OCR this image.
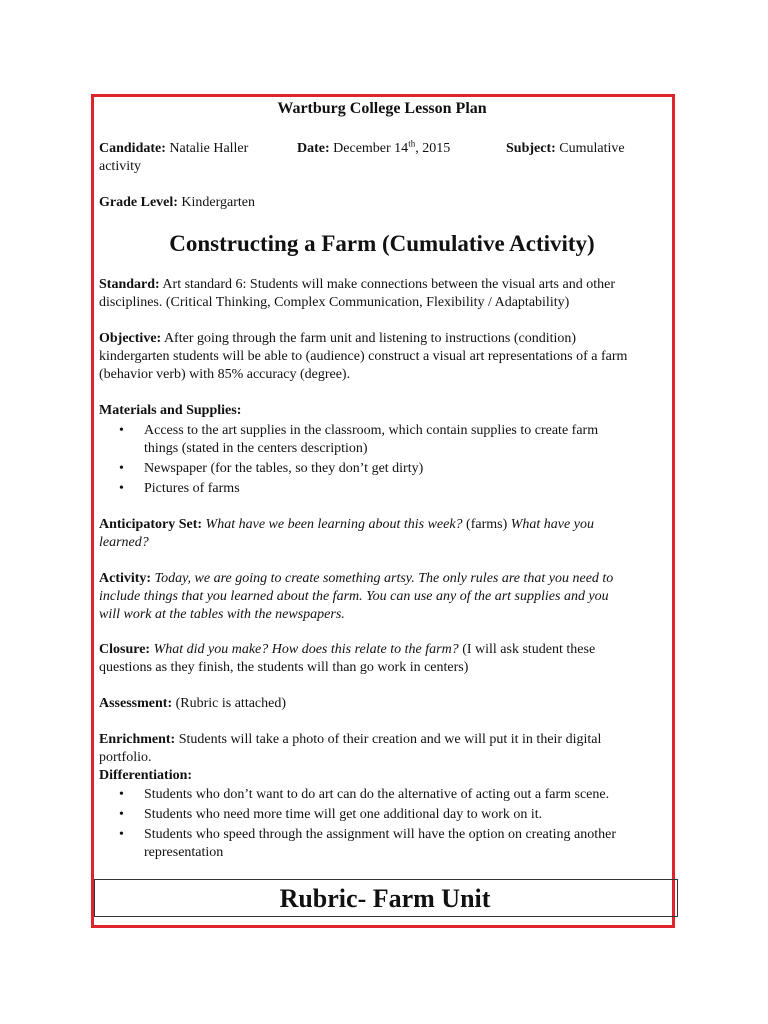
Wartburg College Lesson Plan
Candidate: Natalie Haller	Date: December 14th, 2015	Subject: Cumulative
activity
Grade Level: Kindergarten

Standard: Art standard 6: Students will make connections between the visual arts and other

disciplines. (Critical Thinking, Complex Communication, Flexibility / Adaptability)

Objective: After going through the farm unit and listening to instructions (condition)

kindergarten students will be able to (audience) construct a visual art representations of a farm

(behavior verb) with 85% accuracy (degree).

Materials and Supplies:

• Access to the art supplies in the classroom, which contain supplies to create farm
things (stated in the centers description)
• Newspaper (for the tables, so they don’t get dirty)
• Pictures of farms

Anticipatory Set: What have we been learning about this week? (farms) What have you

learned?

Activity: Today, we are going to create something artsy. The only rules are that you need to

include things that you learned about the farm. You can use any of the art supplies and you

will work at the tables with the newspapers.

Closure: What did you make? How does this relate to the farm? (I will ask student these

questions as they finish, the students will than go work in centers)

Assessment: (Rubric is attached)

Enrichment: Students will take a photo of their creation and we will put it in their digital

portfolio.

Differentiation:

• Students who don’t want to do art can do the alternative of acting out a farm scene.
• Students who need more time will get one additional day to work on it.
• Students who speed through the assignment will have the option on creating another
representation
Constructing a Farm (Cumulative Activity)
Rubric- Farm Unit
